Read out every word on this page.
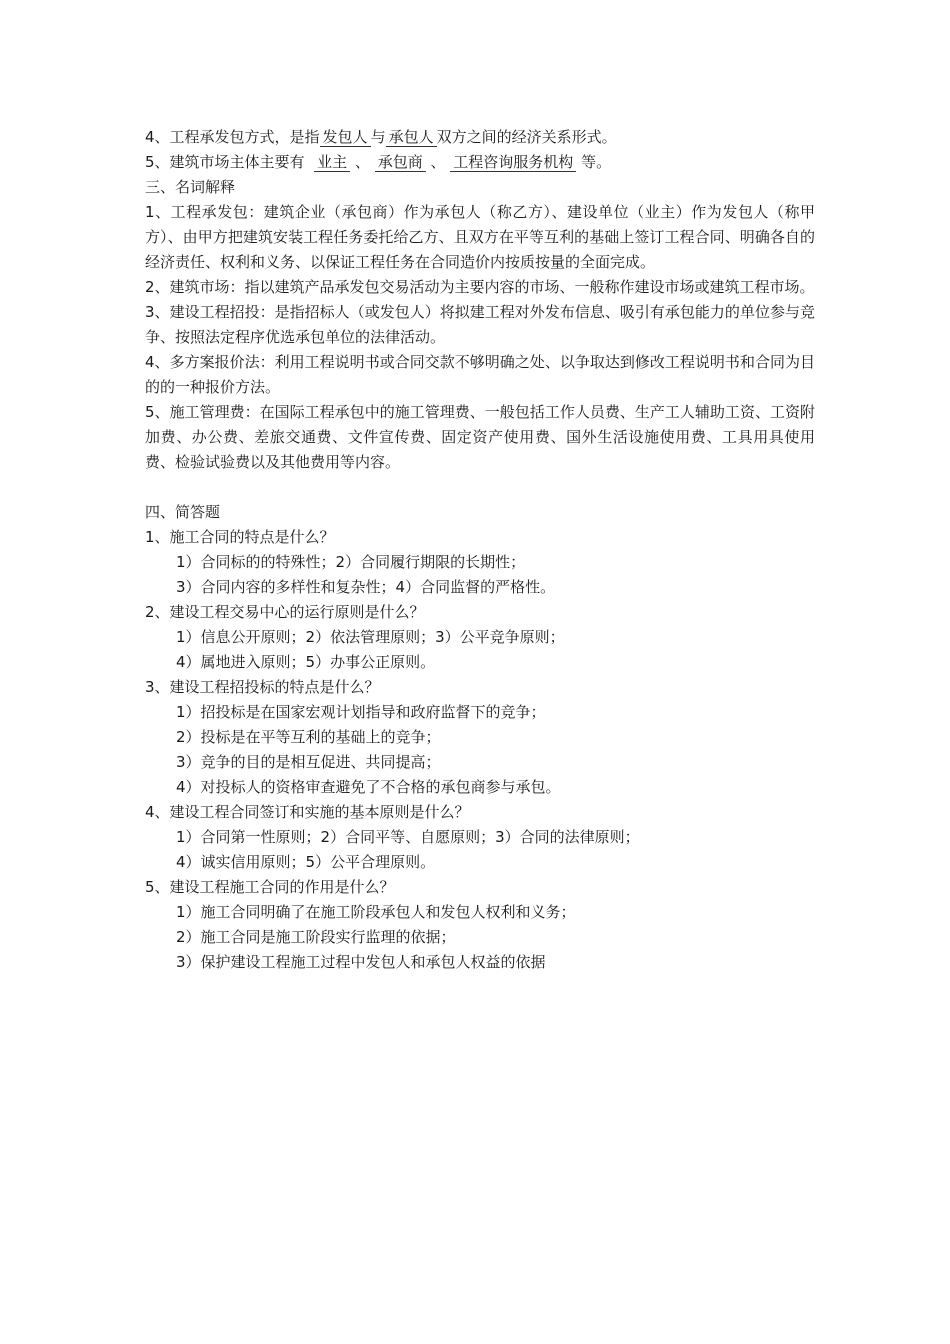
4、工程承发包方式，是指 发包人 与 承包人 双方之间的经济关系形式。
5、建筑市场主体主要有 业主 、 承包商 、 工程咨询服务机构 等。
三、名词解释
1、工程承发包：建筑企业（承包商）作为承包人（称乙方）、建设单位（业主）作为发包人（称甲方）、由甲方把建筑安装工程任务委托给乙方、且双方在平等互利的基础上签订工程合同、明确各自的经济责任、权利和义务、以保证工程任务在合同造价内按质按量的全面完成。
2、建筑市场：指以建筑产品承发包交易活动为主要内容的市场、一般称作建设市场或建筑工程市场。
3、建设工程招投：是指招标人（或发包人）将拟建工程对外发布信息、吸引有承包能力的单位参与竞争、按照法定程序优选承包单位的法律活动。
4、多方案报价法：利用工程说明书或合同交款不够明确之处、以争取达到修改工程说明书和合同为目的的一种报价方法。
5、施工管理费：在国际工程承包中的施工管理费、一般包括工作人员费、生产工人辅助工资、工资附加费、办公费、差旅交通费、文件宣传费、固定资产使用费、国外生活设施使用费、工具用具使用费、检验试验费以及其他费用等内容。
四、简答题
1、施工合同的特点是什么？
1）合同标的的特殊性；2）合同履行期限的长期性；
3）合同内容的多样性和复杂性；4）合同监督的严格性。
2、建设工程交易中心的运行原则是什么？
1）信息公开原则；2）依法管理原则；3）公平竞争原则；
4）属地进入原则；5）办事公正原则。
3、建设工程招投标的特点是什么？
1）招投标是在国家宏观计划指导和政府监督下的竞争；
2）投标是在平等互利的基础上的竞争；
3）竞争的目的是相互促进、共同提高；
4）对投标人的资格审查避免了不合格的承包商参与承包。
4、建设工程合同签订和实施的基本原则是什么？
1）合同第一性原则；2）合同平等、自愿原则；3）合同的法律原则；
4）诚实信用原则；5）公平合理原则。
5、建设工程施工合同的作用是什么？
1）施工合同明确了在施工阶段承包人和发包人权利和义务；
2）施工合同是施工阶段实行监理的依据；
3）保护建设工程施工过程中发包人和承包人权益的依据
